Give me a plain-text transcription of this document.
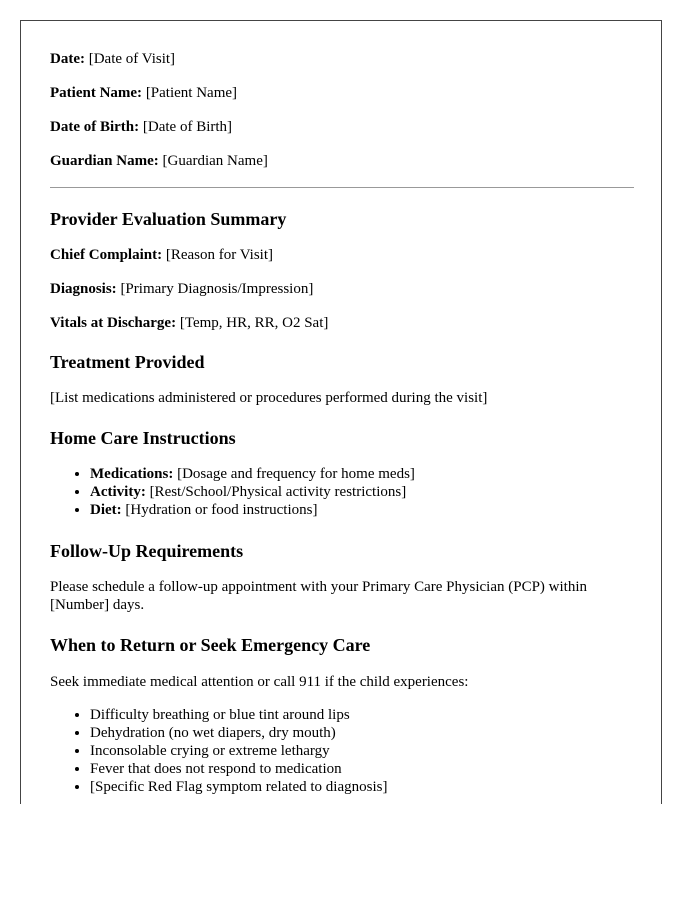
Date: [Date of Visit]

Patient Name: [Patient Name]

Date of Birth: [Date of Birth]

Guardian Name: [Guardian Name]

Provider Evaluation Summary

Chief Complaint: [Reason for Visit]

Diagnosis: [Primary Diagnosis/Impression]

Vitals at Discharge: [Temp, HR, RR, O2 Sat]

Treatment Provided

[List medications administered or procedures performed during the visit]

Home Care Instructions
• Medications: [Dosage and frequency for home meds]
• Activity: [Rest/School/Physical activity restrictions]
• Diet: [Hydration or food instructions]
Follow-Up Requirements

Please schedule a follow-up appointment with your Primary Care Physician (PCP) within [Number] days.

When to Return or Seek Emergency Care

Seek immediate medical attention or call 911 if the child experiences:

• Difficulty breathing or blue tint around lips
• Dehydration (no wet diapers, dry mouth)
• Inconsolable crying or extreme lethargy
• Fever that does not respond to medication
• [Specific Red Flag symptom related to diagnosis]
